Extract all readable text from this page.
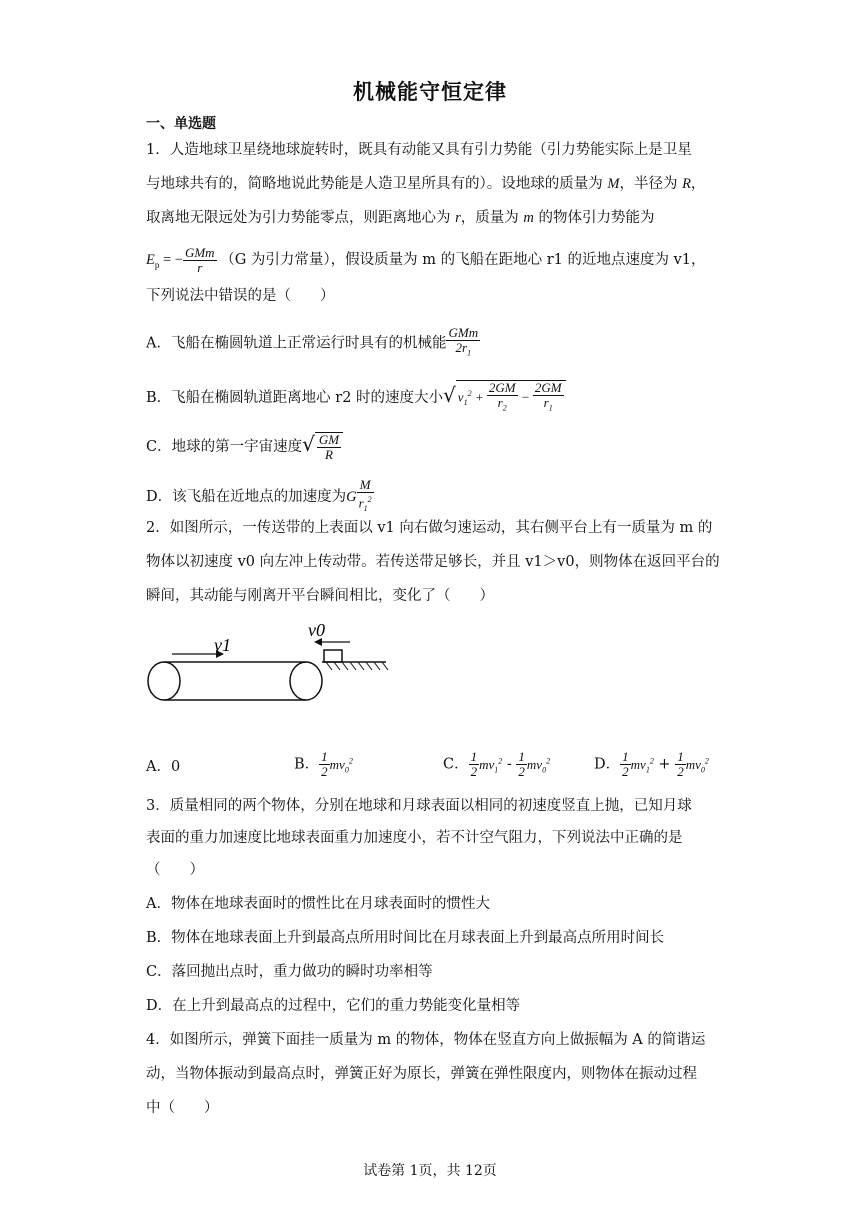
机械能守恒定律
一、单选题
1．人造地球卫星绕地球旋转时，既具有动能又具有引力势能（引力势能实际上是卫星
与地球共有的，简略地说此势能是人造卫星所具有的）。设地球的质量为 M，半径为 R，
取离地无限远处为引力势能零点，则距离地心为 r，质量为 m 的物体引力势能为
$E_p$ = − $\frac{\text{GMm}}{r} (G$ 为引力常量），假设质量为 m 的飞船在距地心 r1 的近地点速度为 v1，
下列说法中错误的是（　　）
A．飞船在椭圆轨道上正常运行时具有的机械能 $\frac{\text{GMm}}{2r_1}$
B．飞船在椭圆轨道距离地心 r2 时的速度大小√ $v_1^2 + \frac{2GM}{r_2} - \frac{2GM}{r_1}$
C．地球的第一宇宙速度√ $\frac{GM}{R}$
D．该飞船在近地点的加速度为G $\frac{M}{r_1^2}$
2．如图所示，一传送带的上表面以 v1 向右做匀速运动，其右侧平台上有一质量为 m 的
物体以初速度 v0 向左冲上传动带。若传送带足够长，并且 v1＞v0，则物体在返回平台的
瞬间，其动能与刚离开平台瞬间相比，变化了（　　）
v1
v0
A．0	B． $\frac{1}{2} mv_0^2$	C． $\frac{1}{2} mv_1^2 - \frac{1}{2} mv_0^2$	D． $\frac{1}{2} mv_1^2 + \frac{1}{2} mv_0^2$
3．质量相同的两个物体，分别在地球和月球表面以相同的初速度竖直上抛，已知月球
表面的重力加速度比地球表面重力加速度小，若不计空气阻力，下列说法中正确的是
（　　）
A．物体在地球表面时的惯性比在月球表面时的惯性大
B．物体在地球表面上升到最高点所用时间比在月球表面上升到最高点所用时间长
C．落回抛出点时，重力做功的瞬时功率相等
D．在上升到最高点的过程中，它们的重力势能变化量相等
4．如图所示，弹簧下面挂一质量为 m 的物体，物体在竖直方向上做振幅为 A 的简谐运
动，当物体振动到最高点时，弹簧正好为原长，弹簧在弹性限度内，则物体在振动过程
中（　　）
试卷第 1页，共 12页
